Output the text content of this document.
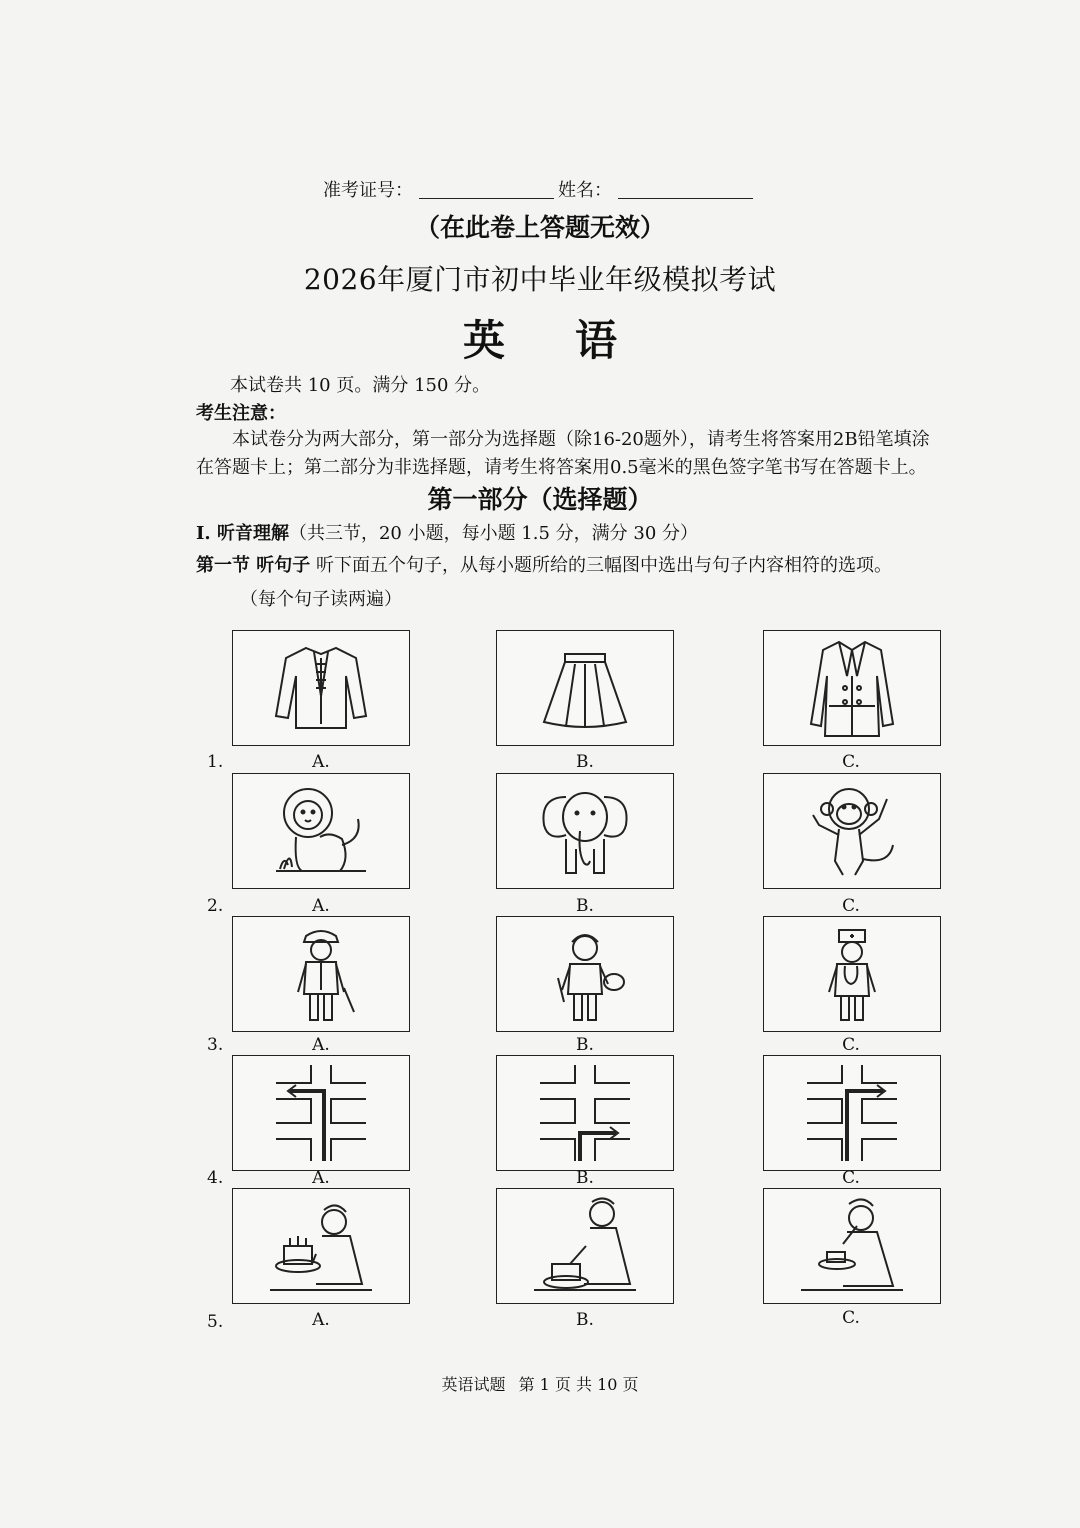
准考证号：	姓名：
（在此卷上答题无效）
2026年厦门市初中毕业年级模拟考试
英 语
本试卷共 10 页。满分 150 分。
考生注意：
本试卷分为两大部分，第一部分为选择题（除16-20题外），请考生将答案用2B铅笔填涂
在答题卡上；第二部分为非选择题，请考生将答案用0.5毫米的黑色签字笔书写在答题卡上。
第一部分（选择题）
I. 听音理解（共三节，20 小题，每小题 1.5 分，满分 30 分）
第一节 听句子 听下面五个句子，从每小题所给的三幅图中选出与句子内容相符的选项。
（每个句子读两遍）
1.	A.	B.	C.
2.	A.	B.	C.
3.	A.	B.	C.
4.	A.	B.	C.
5.	A.	B.	C.
英语试题 第 1 页 共 10 页
